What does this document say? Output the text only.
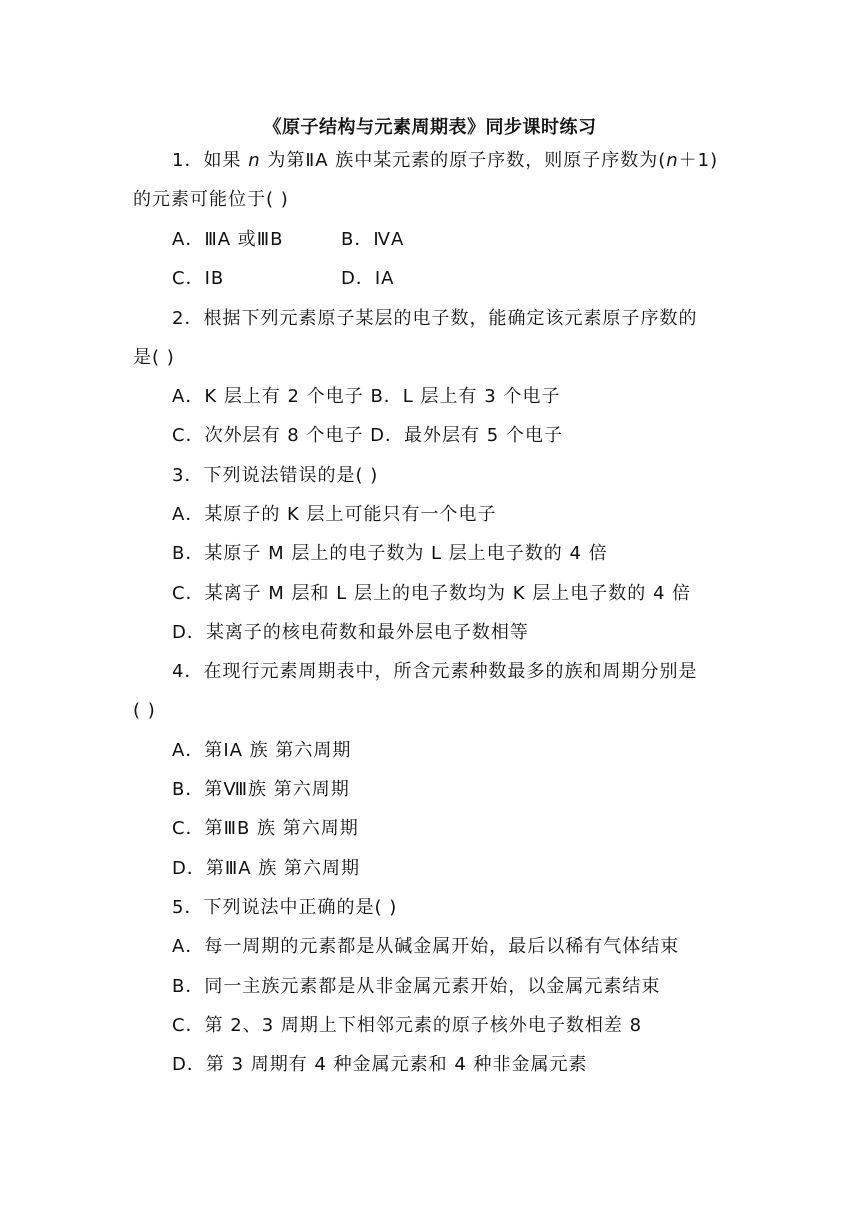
《原子结构与元素周期表》同步课时练习
1．如果 n 为第ⅡA 族中某元素的原子序数，则原子序数为(n＋1)
的元素可能位于( )
A．ⅢA 或ⅢB	B．ⅣA
C．ⅠB	D．ⅠA
2．根据下列元素原子某层的电子数，能确定该元素原子序数的
是( )
A．K 层上有 2 个电子 B．L 层上有 3 个电子
C．次外层有 8 个电子 D．最外层有 5 个电子
3．下列说法错误的是( )
A．某原子的 K 层上可能只有一个电子
B．某原子 M 层上的电子数为 L 层上电子数的 4 倍
C．某离子 M 层和 L 层上的电子数均为 K 层上电子数的 4 倍
D．某离子的核电荷数和最外层电子数相等
4．在现行元素周期表中，所含元素种数最多的族和周期分别是
( )
A．第ⅠA 族 第六周期
B．第Ⅷ族 第六周期
C．第ⅢB 族 第六周期
D．第ⅢA 族 第六周期
5．下列说法中正确的是( )
A．每一周期的元素都是从碱金属开始，最后以稀有气体结束
B．同一主族元素都是从非金属元素开始，以金属元素结束
C．第 2、3 周期上下相邻元素的原子核外电子数相差 8
D．第 3 周期有 4 种金属元素和 4 种非金属元素
